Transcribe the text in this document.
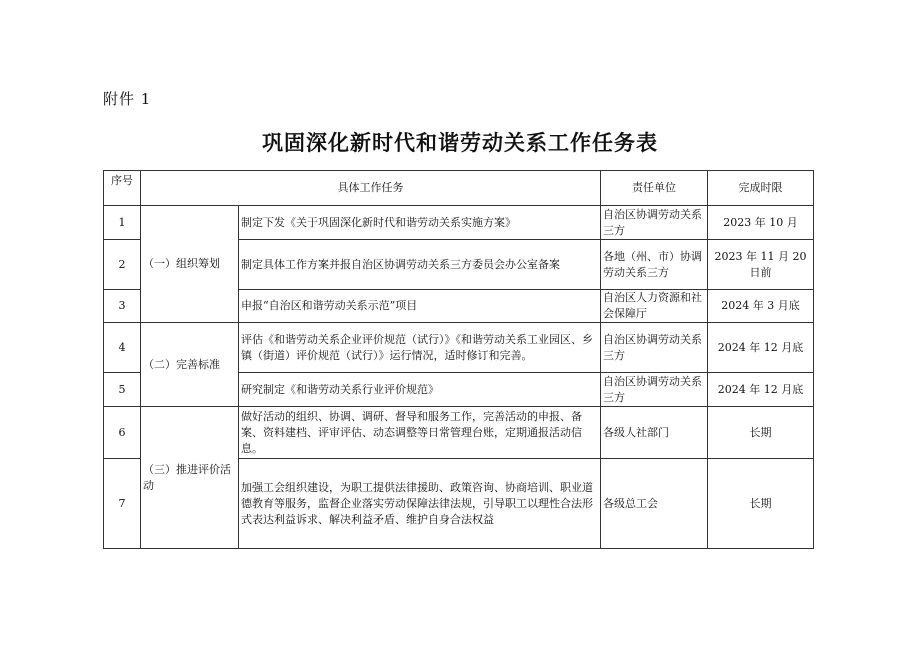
附件 1
巩固深化新时代和谐劳动关系工作任务表
序号	具体工作任务		责任单位	完成时限
1	（一）组织筹划	制定下发《关于巩固深化新时代和谐劳动关系实施方案》	自治区协调劳动关系三方	2023 年 10 月
2		制定具体工作方案并报自治区协调劳动关系三方委员会办公室备案	各地（州、市）协调劳动关系三方	2023 年 11 月 20 日前
3		申报“自治区和谐劳动关系示范”项目	自治区人力资源和社会保障厅	2024 年 3 月底
4	（二）完善标准	评估《和谐劳动关系企业评价规范（试行）》《和谐劳动关系工业园区、乡镇（街道）评价规范（试行）》运行情况，适时修订和完善。	自治区协调劳动关系三方	2024 年 12 月底
5		研究制定《和谐劳动关系行业评价规范》	自治区协调劳动关系三方	2024 年 12 月底
6	（三）推进评价活动	做好活动的组织、协调、调研、督导和服务工作，完善活动的申报、备案、资料建档、评审评估、动态调整等日常管理台账，定期通报活动信息。	各级人社部门	长期
7		加强工会组织建设，为职工提供法律援助、政策咨询、协商培训、职业道德教育等服务，监督企业落实劳动保障法律法规，引导职工以理性合法形式表达利益诉求、解决利益矛盾、维护自身合法权益	各级总工会	长期
